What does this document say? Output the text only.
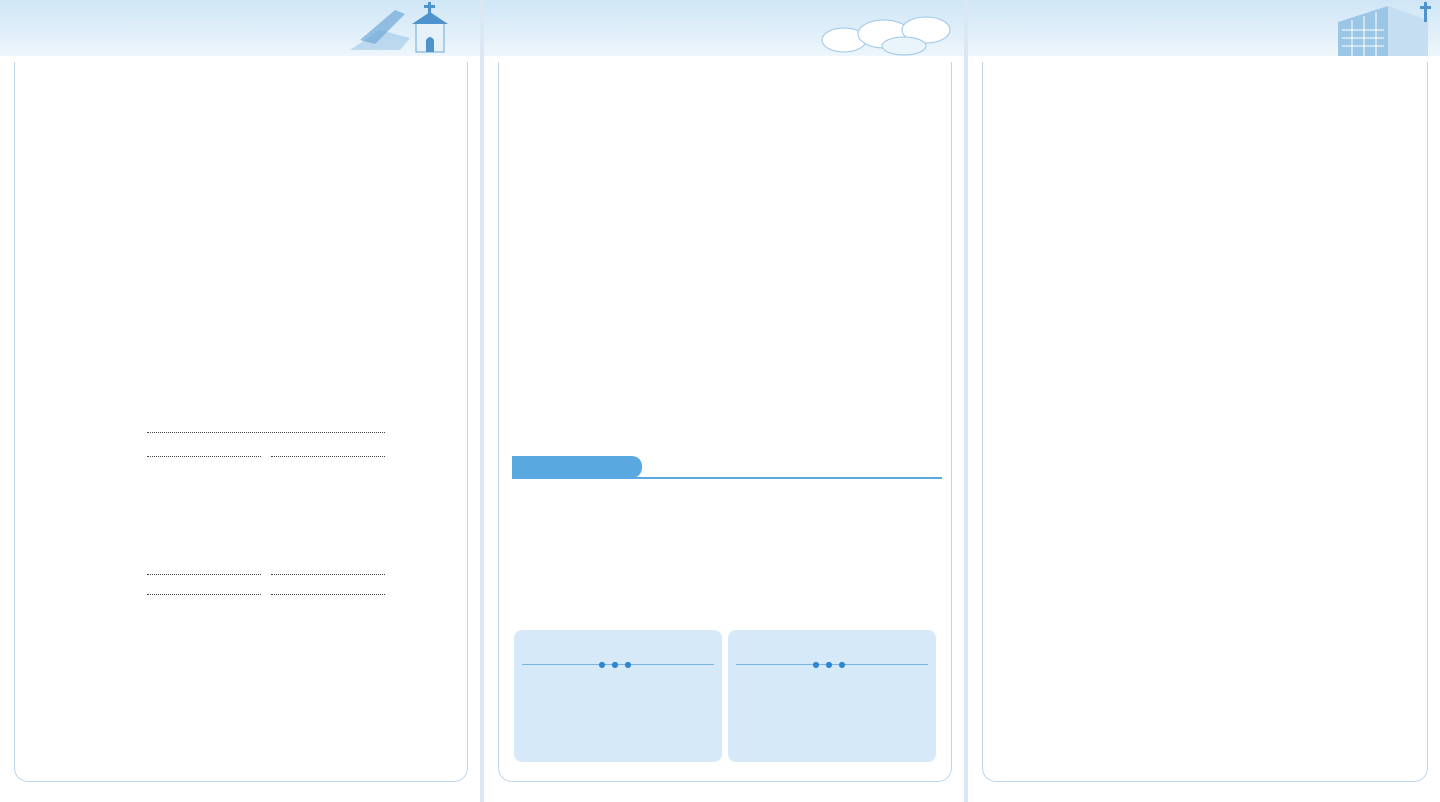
●●●	●●●
